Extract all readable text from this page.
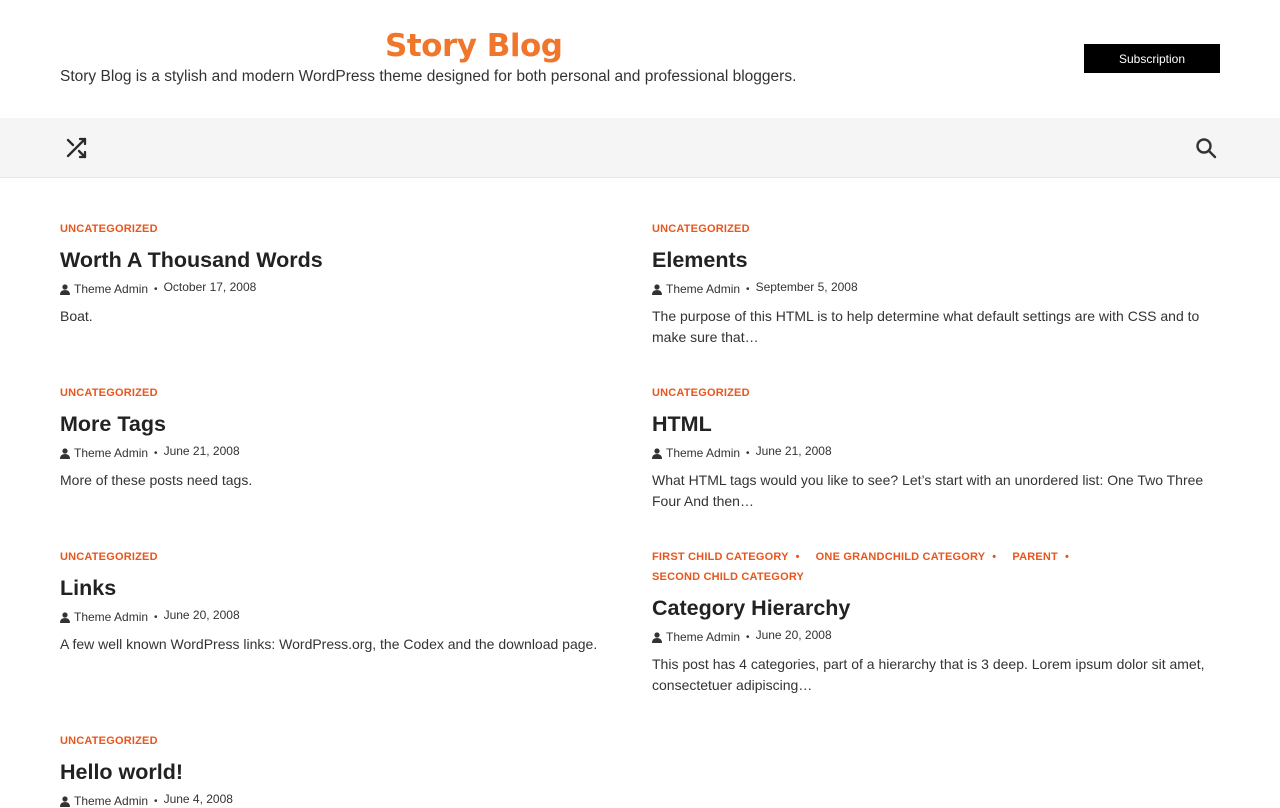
Story Blog
Story Blog is a stylish and modern WordPress theme designed for both personal and professional bloggers.
Subscription
UNCATEGORIZED
Worth A Thousand Words
Theme Admin • October 17, 2008

Boat.

UNCATEGORIZED
Elements
Theme Admin • September 5, 2008

The purpose of this HTML is to help determine what default settings are with CSS and to make sure that…

UNCATEGORIZED
More Tags
Theme Admin • June 21, 2008

More of these posts need tags.

UNCATEGORIZED
HTML
Theme Admin • June 21, 2008

What HTML tags would you like to see? Let’s start with an unordered list: One Two Three Four And then…

UNCATEGORIZED
Links
Theme Admin • June 20, 2008

A few well known WordPress links: WordPress.org, the Codex and the download page.

FIRST CHILD CATEGORY •	ONE GRANDCHILD CATEGORY •	PARENT •
SECOND CHILD CATEGORY
Category Hierarchy
Theme Admin • June 20, 2008

This post has 4 categories, part of a hierarchy that is 3 deep. Lorem ipsum dolor sit amet, consectetuer adipiscing…

UNCATEGORIZED
Hello world!
Theme Admin • June 4, 2008
